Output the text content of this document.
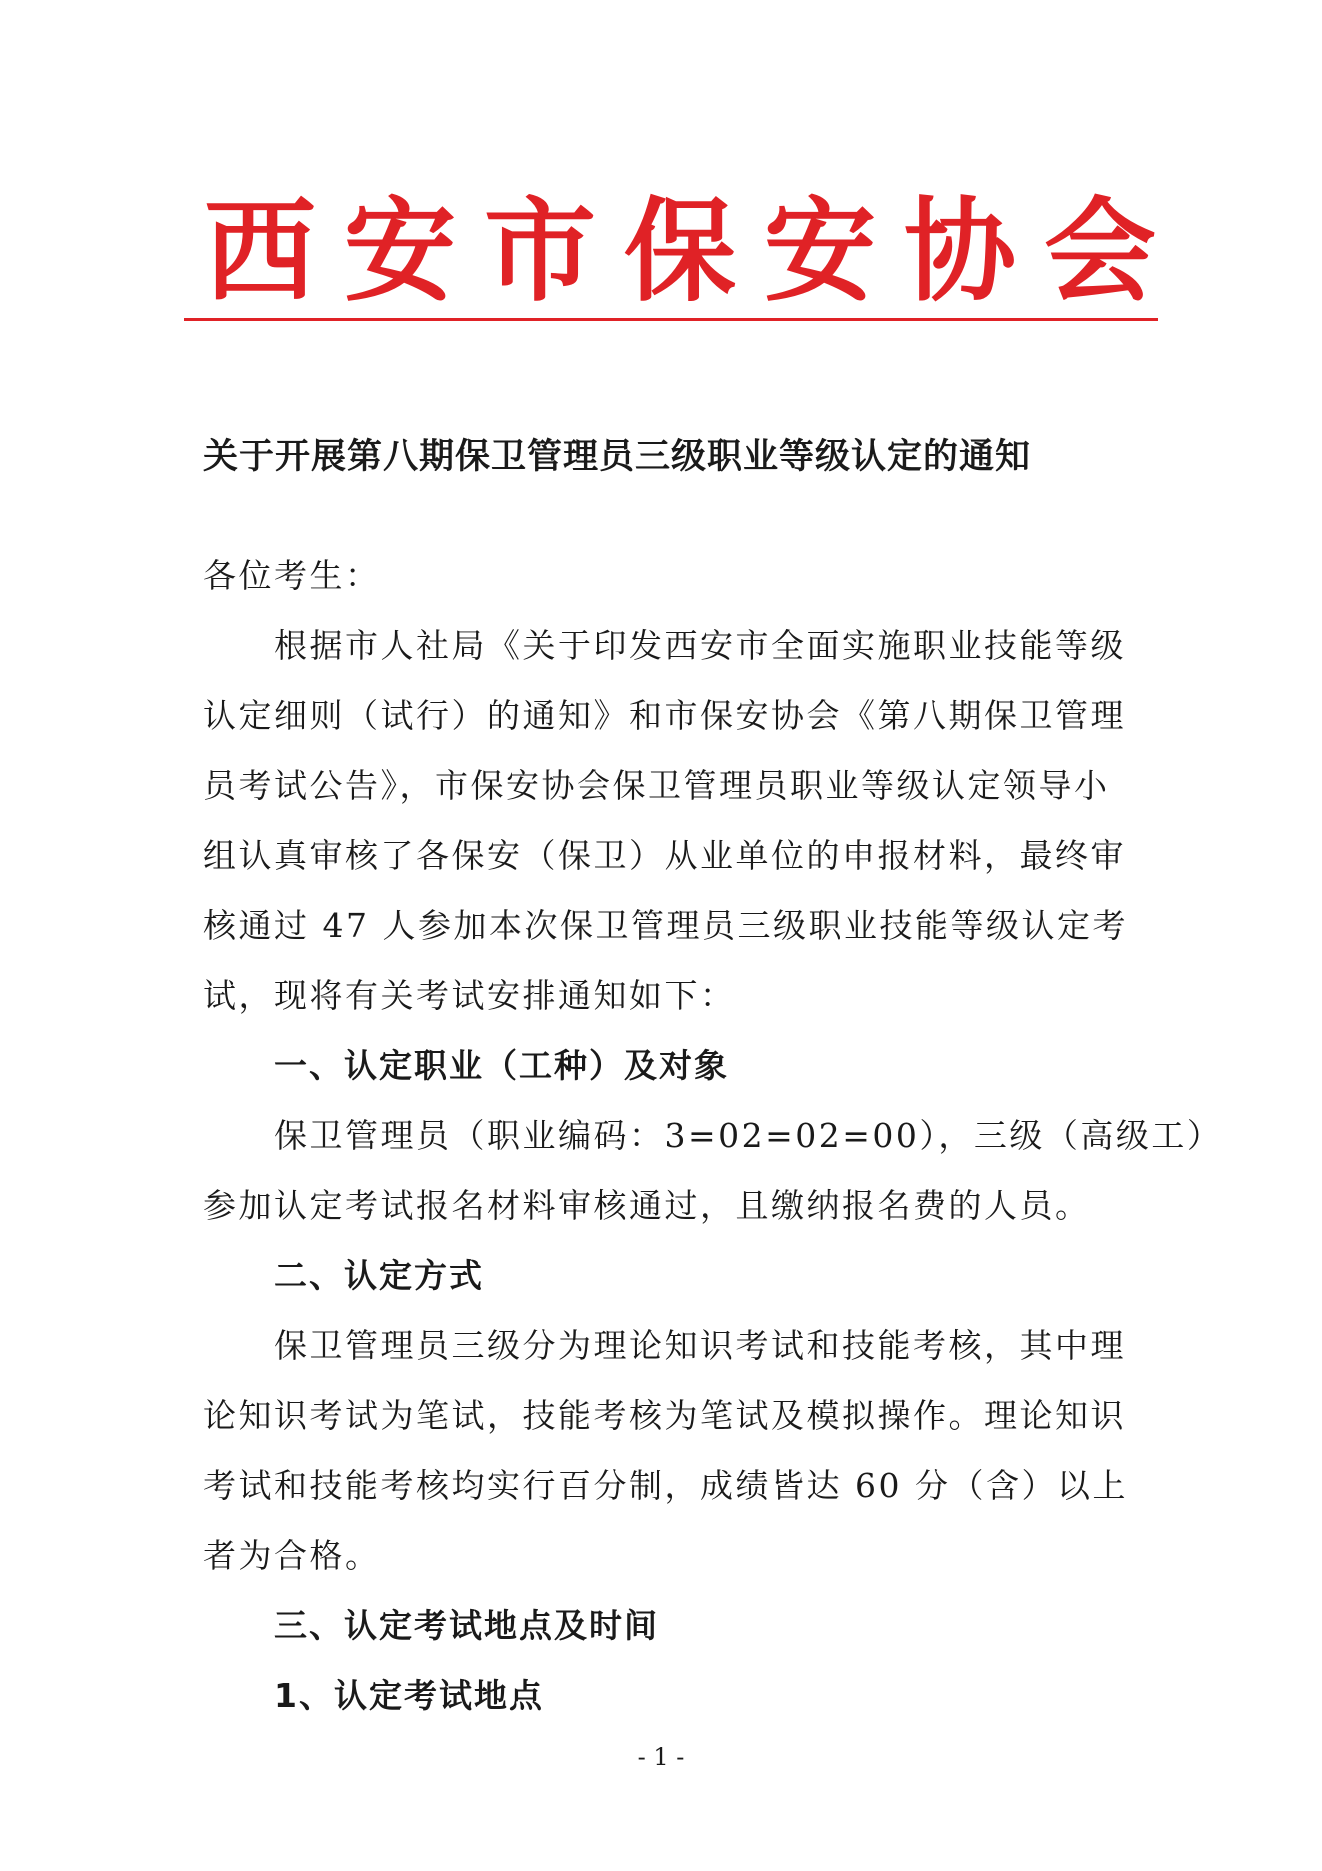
西 安 市 保 安 协 会
关于开展第八期保卫管理员三级职业等级认定的通知
各位考生：
根据市人社局《关于印发西安市全面实施职业技能等级
认定细则（试行）的通知》和市保安协会《第八期保卫管理
员考试公告》，市保安协会保卫管理员职业等级认定领导小
组认真审核了各保安（保卫）从业单位的申报材料，最终审
核通过 47 人参加本次保卫管理员三级职业技能等级认定考
试，现将有关考试安排通知如下：
一、认定职业（工种）及对象
保卫管理员（职业编码：3=02=02=00），三级（高级工）
参加认定考试报名材料审核通过，且缴纳报名费的人员。
二、认定方式
保卫管理员三级分为理论知识考试和技能考核，其中理
论知识考试为笔试，技能考核为笔试及模拟操作。理论知识
考试和技能考核均实行百分制，成绩皆达 60 分（含）以上
者为合格。
三、认定考试地点及时间
1、认定考试地点
- 1 -
